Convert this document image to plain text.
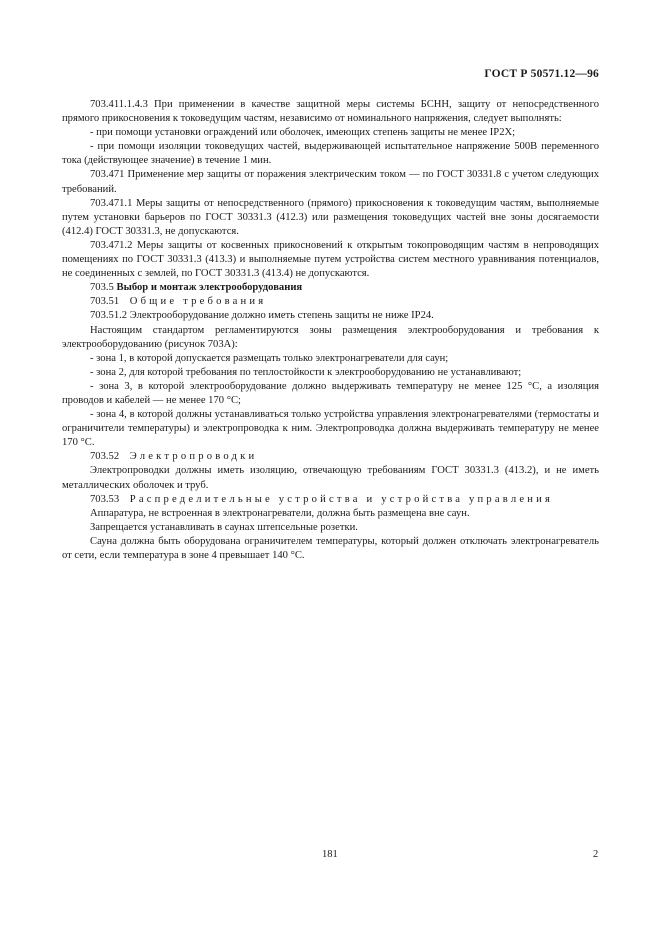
ГОСТ Р 50571.12—96

703.411.1.4.3 При применении в качестве защитной меры системы БСНН, защиту от непосредственного прямого прикосновения к токоведущим частям, независимо от номинального напряжения, следует выполнять:

- при помощи установки ограждений или оболочек, имеющих степень защиты не менее IP2X;

- при помощи изоляции токоведущих частей, выдерживающей испытательное напряжение 500В переменного тока (действующее значение) в течение 1 мин.

703.471 Применение мер защиты от поражения электрическим током — по ГОСТ 30331.8 с учетом следующих требований.

703.471.1 Меры защиты от непосредственного (прямого) прикосновения к токоведущим частям, выполняемые путем установки барьеров по ГОСТ 30331.3 (412.3) или размещения токоведущих частей вне зоны досягаемости (412.4) ГОСТ 30331.3, не допускаются.

703.471.2 Меры защиты от косвенных прикосновений к открытым токопроводящим частям в непроводящих помещениях по ГОСТ 30331.3 (413.3) и выполняемые путем устройства систем местного уравнивания потенциалов, не соединенных с землей, по ГОСТ 30331.3 (413.4) не допускаются.

703.5 Выбор и монтаж электрооборудования

703.51 Общие требования

703.51.2 Электрооборудование должно иметь степень защиты не ниже IP24.

Настоящим стандартом регламентируются зоны размещения электрооборудования и требования к электрооборудованию (рисунок 703А):

- зона 1, в которой допускается размещать только электронагреватели для саун;

- зона 2, для которой требования по теплостойкости к электрооборудованию не устанавливают;

- зона 3, в которой электрооборудование должно выдерживать температуру не менее 125 °С, а изоляция проводов и кабелей — не менее 170 °С;

- зона 4, в которой должны устанавливаться только устройства управления электронагревателями (термостаты и ограничители температуры) и электропроводка к ним. Электропроводка должна выдерживать температуру не менее 170 °С.

703.52 Электропроводки

Электропроводки должны иметь изоляцию, отвечающую требованиям ГОСТ 30331.3 (413.2), и не иметь металлических оболочек и труб.

703.53 Распределительные устройства и устройства управления

Аппаратура, не встроенная в электронагреватели, должна быть размещена вне саун.

Запрещается устанавливать в саунах штепсельные розетки.

Сауна должна быть оборудована ограничителем температуры, который должен отключать электронагреватель от сети, если температура в зоне 4 превышает 140 °С.

181	2
